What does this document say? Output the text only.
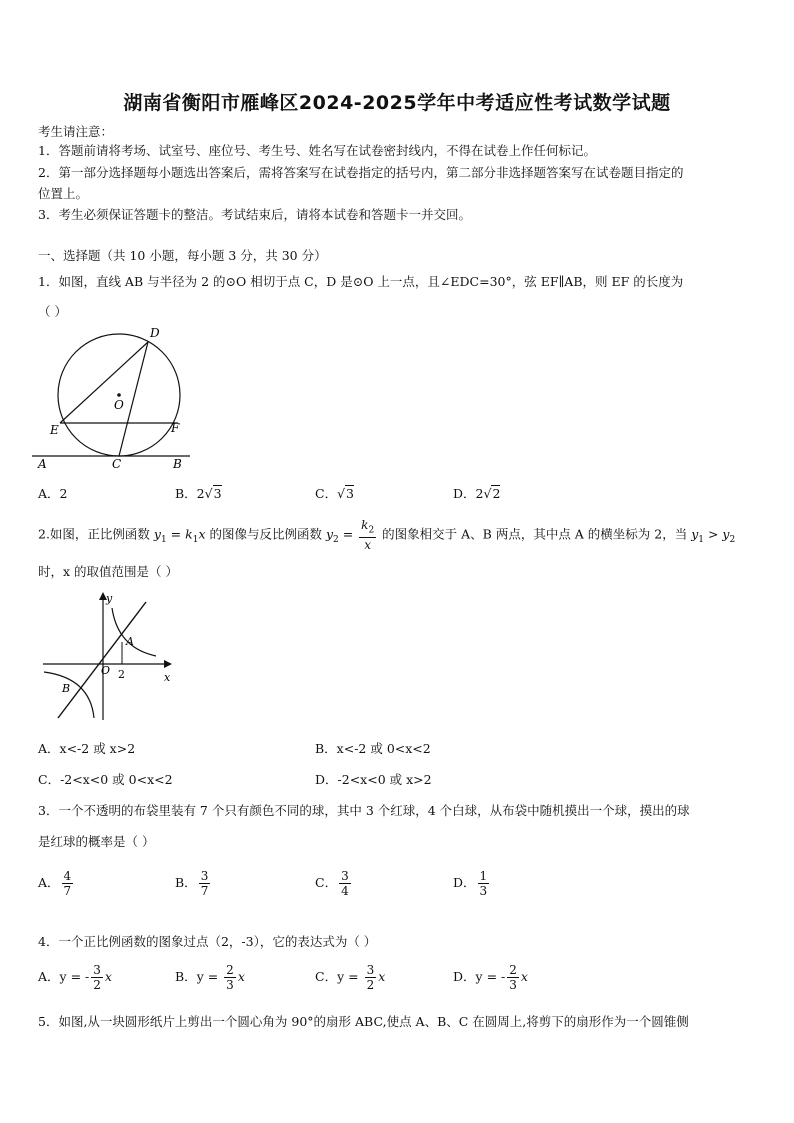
湖南省衡阳市雁峰区2024-2025学年中考适应性考试数学试题
考生请注意：
1．答题前请将考场、试室号、座位号、考生号、姓名写在试卷密封线内，不得在试卷上作任何标记。
2．第一部分选择题每小题选出答案后，需将答案写在试卷指定的括号内，第二部分非选择题答案写在试卷题目指定的
位置上。
3．考生必须保证答题卡的整洁。考试结束后，请将本试卷和答题卡一并交回。
一、选择题（共 10 小题，每小题 3 分，共 30 分）
1．如图，直线 AB 与半径为 2 的⊙O 相切于点 C，D 是⊙O 上一点，且∠EDC=30°，弦 EF∥AB，则 EF 的长度为
（ ）
D
O
E	F
A	C	B
A．2	B．2√3	C．√3	D．2√2
2.如图，正比例函数 $y_1 = k_1x$ 的图像与反比例函数 $y_2 = \frac{k_2}{x}$ 的图象相交于 A、B 两点，其中点 A 的横坐标为 2，当 $y_1 > y_2$
时，x 的取值范围是（ ）
y
A
O 2	x
B
A．x<-2 或 x>2	B．x<-2 或 0<x<2
C．-2<x<0 或 0<x<2	D．-2<x<0 或 x>2
3．一个不透明的布袋里装有 7 个只有颜色不同的球，其中 3 个红球，4 个白球，从布袋中随机摸出一个球，摸出的球
是红球的概率是（ ）
A． $\frac{4}{7}$	B． $\frac{3}{7}$	C． $\frac{3}{4}$	D． $\frac{1}{3}$
4．一个正比例函数的图象过点（2，-3），它的表达式为（ ）
A．y = - $\frac{3}{2}$ x	B．$y = \frac{2}{3}$ x	C．$y = \frac{3}{2}$ x	D．y = - $\frac{2}{3}$ x
5．如图,从一块圆形纸片上剪出一个圆心角为 90°的扇形 ABC,使点 A、B、C 在圆周上,将剪下的扇形作为一个圆锥侧
